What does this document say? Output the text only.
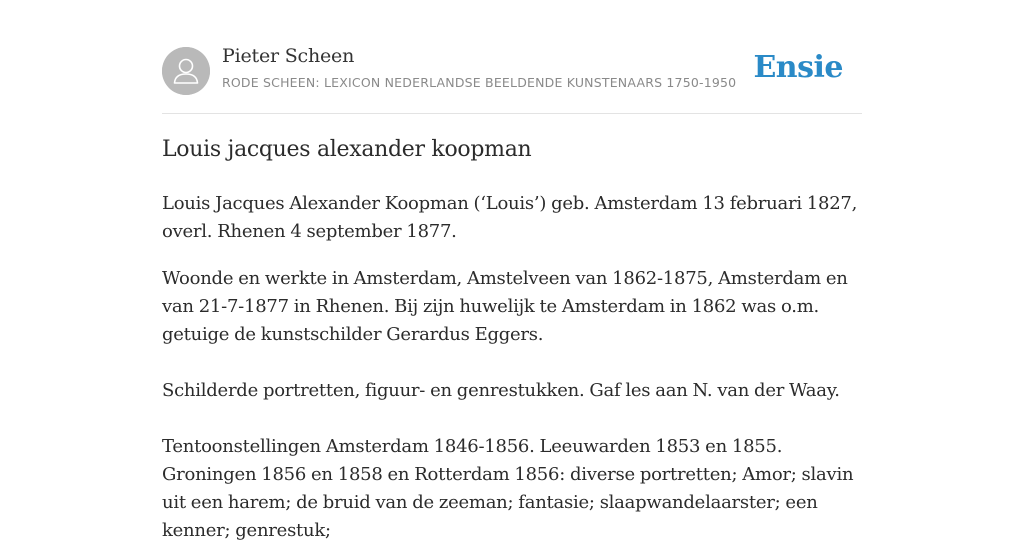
Pieter Scheen
RODE SCHEEN: LEXICON NEDERLANDSE BEELDENDE KUNSTENAARS 1750-1950 Ensie
Louis jacques alexander koopman

Louis Jacques Alexander Koopman (‘Louis’) geb. Amsterdam 13 februari 1827, overl. Rhenen 4 september 1877.

Woonde en werkte in Amsterdam, Amstelveen van 1862-1875, Amsterdam en van 21-7-1877 in Rhenen. Bij zijn huwelijk te Amsterdam in 1862 was o.m. getuige de kunstschilder Gerardus Eggers.

Schilderde portretten, figuur- en genrestukken. Gaf les aan N. van der Waay.

Tentoonstellingen Amsterdam 1846-1856. Leeuwarden 1853 en 1855. Groningen 1856 en 1858 en Rotterdam 1856: diverse portretten; Amor; slavin uit een harem; de bruid van de zeeman; fantasie; slaapwandelaarster; een kenner; genrestuk;
